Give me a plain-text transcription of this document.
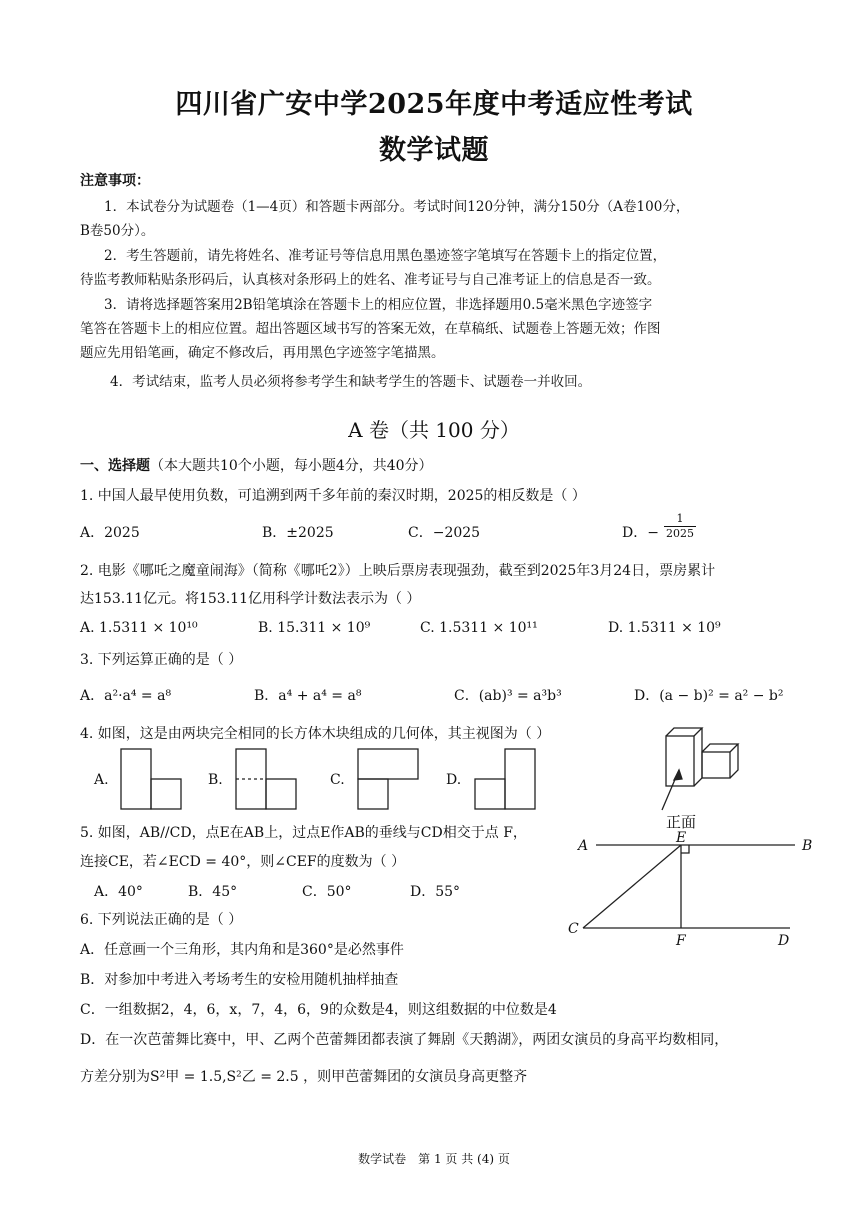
四川省广安中学2025年度中考适应性考试
数学试题
注意事项：
1．本试卷分为试题卷（1—4页）和答题卡两部分。考试时间120分钟，满分150分（A卷100分，
B卷50分）。
2．考生答题前，请先将姓名、准考证号等信息用黑色墨迹签字笔填写在答题卡上的指定位置，
待监考教师粘贴条形码后，认真核对条形码上的姓名、准考证号与自己准考证上的信息是否一致。
3．请将选择题答案用2B铅笔填涂在答题卡上的相应位置，非选择题用0.5毫米黑色字迹签字
笔答在答题卡上的相应位置。超出答题区域书写的答案无效，在草稿纸、试题卷上答题无效；作图
题应先用铅笔画，确定不修改后，再用黑色字迹签字笔描黑。
4．考试结束，监考人员必须将参考学生和缺考学生的答题卡、试题卷一并收回。
A 卷（共 100 分）
一、选择题（本大题共10个小题，每小题4分，共40分）
1. 中国人最早使用负数，可追溯到两千多年前的秦汉时期，2025的相反数是（ ）
A．2025	B．±2025	C．−2025	D．− $\frac{1}{2025}$
2. 电影《哪吒之魔童闹海》（简称《哪吒2》）上映后票房表现强劲，截至到2025年3月24日，票房累计
达153.11亿元。将153.11亿用科学计数法表示为（ ）
A. 1.5311 × 10¹⁰	B. 15.311 × 10⁹	C. 1.5311 × 10¹¹	D. 1.5311 × 10⁹
3. 下列运算正确的是（ ）
A．a²·a⁴ = a⁸	B．a⁴ + a⁴ = a⁸	C．(ab)³ = a³b³	D．(a − b)² = a² − b²
4. 如图，这是由两块完全相同的长方体木块组成的几何体，其主视图为（ ）
A.	B.	C.	D.
正面
A	B
E
C
F	D
5. 如图，AB//CD，点E在AB上，过点E作AB的垂线与CD相交于点 F，
连接CE，若∠ECD = 40°，则∠CEF的度数为（ ）
A．40°	B．45°	C．50°	D．55°
6. 下列说法正确的是（ ）
A．任意画一个三角形，其内角和是360°是必然事件
B．对参加中考进入考场考生的安检用随机抽样抽查
C．一组数据2，4，6，x，7，4，6，9的众数是4，则这组数据的中位数是4
D．在一次芭蕾舞比赛中，甲、乙两个芭蕾舞团都表演了舞剧《天鹅湖》，两团女演员的身高平均数相同，
方差分别为S²甲 = 1.5,S²乙 = 2.5 ，则甲芭蕾舞团的女演员身高更整齐
数学试卷　第 1 页 共 (4) 页
